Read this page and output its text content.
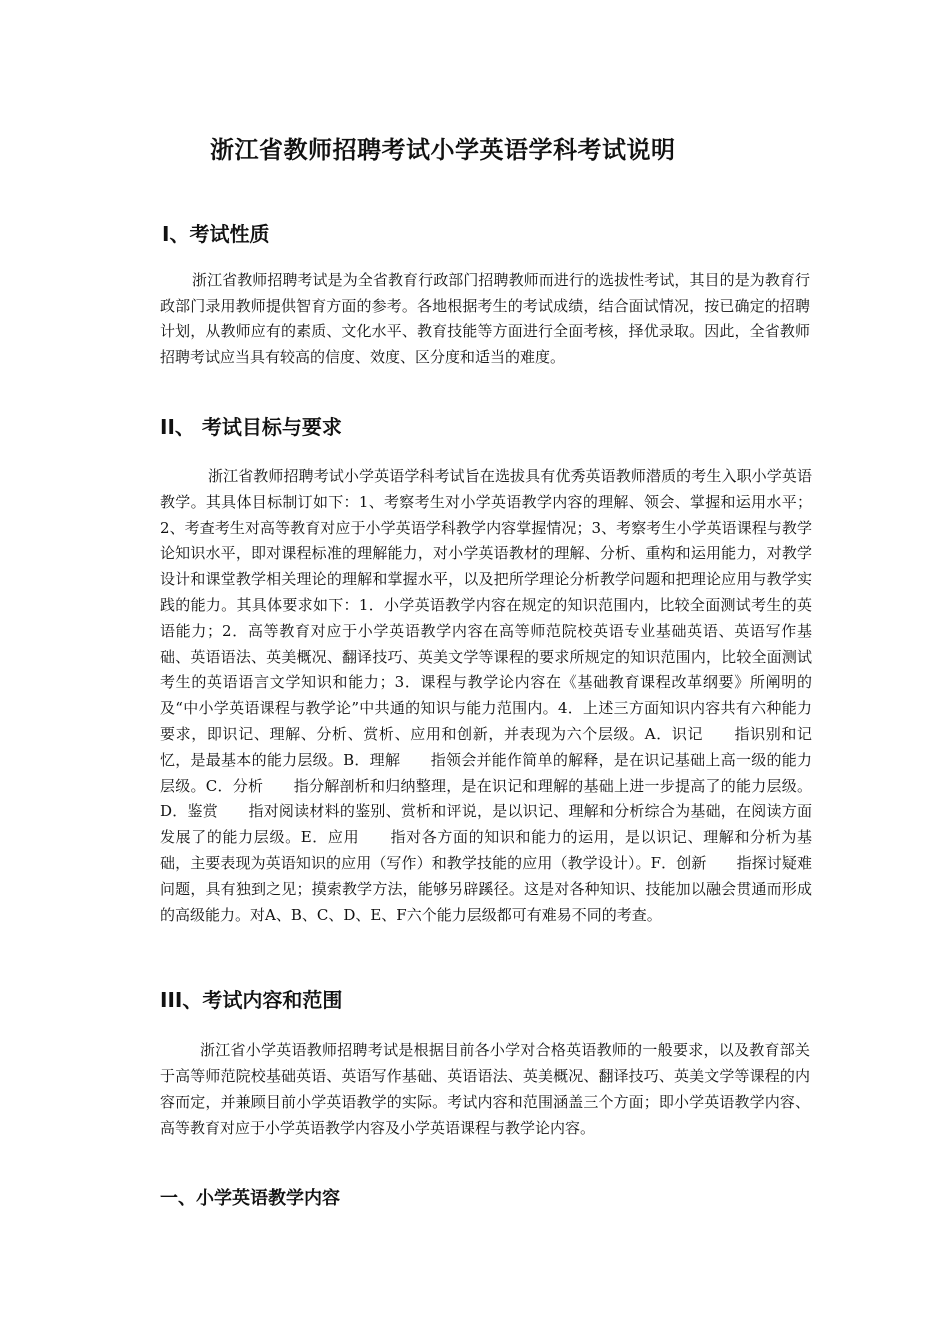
浙江省教师招聘考试小学英语学科考试说明
Ⅰ、考试性质
浙江省教师招聘考试是为全省教育行政部门招聘教师而进行的选拔性考试，其目的是为教育行政部门录用教师提供智育方面的参考。各地根据考生的考试成绩，结合面试情况，按已确定的招聘计划，从教师应有的素质、文化水平、教育技能等方面进行全面考核，择优录取。因此，全省教师招聘考试应当具有较高的信度、效度、区分度和适当的难度。
II、 考试目标与要求
浙江省教师招聘考试小学英语学科考试旨在选拔具有优秀英语教师潜质的考生入职小学英语教学。其具体目标制订如下：1、考察考生对小学英语教学内容的理解、领会、掌握和运用水平；2、考查考生对高等教育对应于小学英语学科教学内容掌握情况；3、考察考生小学英语课程与教学论知识水平，即对课程标准的理解能力，对小学英语教材的理解、分析、重构和运用能力，对教学设计和课堂教学相关理论的理解和掌握水平，以及把所学理论分析教学问题和把理论应用与教学实践的能力。其具体要求如下：1．小学英语教学内容在规定的知识范围内，比较全面测试考生的英语能力；2．高等教育对应于小学英语教学内容在高等师范院校英语专业基础英语、英语写作基础、英语语法、英美概况、翻译技巧、英美文学等课程的要求所规定的知识范围内，比较全面测试考生的英语语言文学知识和能力；3．课程与教学论内容在《基础教育课程改革纲要》所阐明的及“中小学英语课程与教学论”中共通的知识与能力范围内。4．上述三方面知识内容共有六种能力要求，即识记、理解、分析、赏析、应用和创新，并表现为六个层级。A．识记　　指识别和记忆，是最基本的能力层级。B．理解　　指领会并能作简单的解释，是在识记基础上高一级的能力层级。C．分析　　指分解剖析和归纳整理，是在识记和理解的基础上进一步提高了的能力层级。D．鉴赏　　指对阅读材料的鉴别、赏析和评说，是以识记、理解和分析综合为基础，在阅读方面发展了的能力层级。E．应用　　指对各方面的知识和能力的运用，是以识记、理解和分析为基础，主要表现为英语知识的应用（写作）和教学技能的应用（教学设计）。F．创新　　指探讨疑难问题，具有独到之见；摸索教学方法，能够另辟蹊径。这是对各种知识、技能加以融会贯通而形成的高级能力。对A、B、C、D、E、F六个能力层级都可有难易不同的考查。
III、考试内容和范围
浙江省小学英语教师招聘考试是根据目前各小学对合格英语教师的一般要求，以及教育部关于高等师范院校基础英语、英语写作基础、英语语法、英美概况、翻译技巧、英美文学等课程的内容而定，并兼顾目前小学英语教学的实际。考试内容和范围涵盖三个方面；即小学英语教学内容、高等教育对应于小学英语教学内容及小学英语课程与教学论内容。
一、小学英语教学内容
